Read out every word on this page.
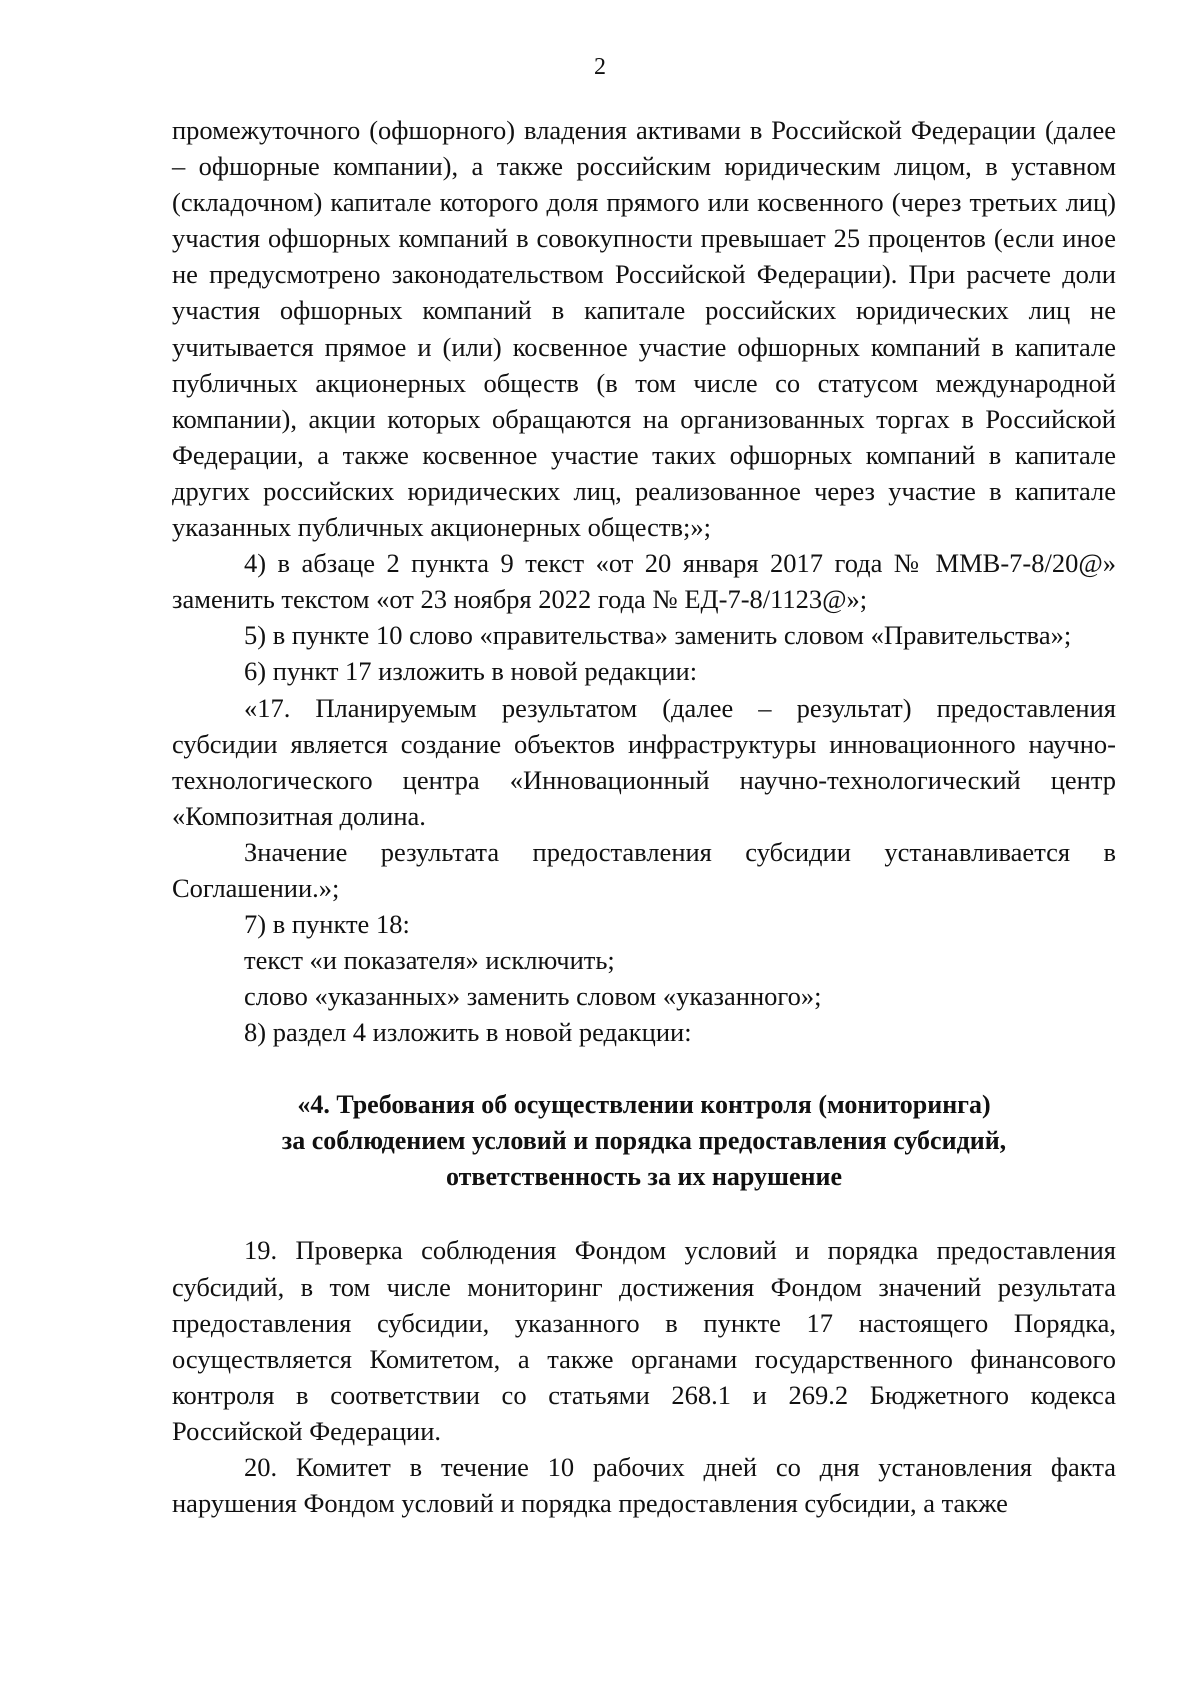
2

промежуточного (офшорного) владения активами в Российской Федерации (далее – офшорные компании), а также российским юридическим лицом, в уставном (складочном) капитале которого доля прямого или косвенного (через третьих лиц) участия офшорных компаний в совокупности превышает 25 процентов (если иное не предусмотрено законодательством Российской Федерации). При расчете доли участия офшорных компаний в капитале российских юридических лиц не учитывается прямое и (или) косвенное участие офшорных компаний в капитале публичных акционерных обществ (в том числе со статусом международной компании), акции которых обращаются на организованных торгах в Российской Федерации, а также косвенное участие таких офшорных компаний в капитале других российских юридических лиц, реализованное через участие в капитале указанных публичных акционерных обществ;»;

4) в абзаце 2 пункта 9 текст «от 20 января 2017 года № ММВ-7-8/20@» заменить текстом «от 23 ноября 2022 года № ЕД-7-8/1123@»;

5) в пункте 10 слово «правительства» заменить словом «Правительства»;

6) пункт 17 изложить в новой редакции:

«17. Планируемым результатом (далее – результат) предоставления субсидии является создание объектов инфраструктуры инновационного научно-технологического центра «Инновационный научно-технологический центр «Композитная долина.

Значение результата предоставления субсидии устанавливается в Соглашении.»;

7) в пункте 18:

текст «и показателя» исключить;

слово «указанных» заменить словом «указанного»;

8) раздел 4 изложить в новой редакции:

«4. Требования об осуществлении контроля (мониторинга)
за соблюдением условий и порядка предоставления субсидий,
ответственность за их нарушение

19. Проверка соблюдения Фондом условий и порядка предоставления субсидий, в том числе мониторинг достижения Фондом значений результата предоставления субсидии, указанного в пункте 17 настоящего Порядка, осуществляется Комитетом, а также органами государственного финансового контроля в соответствии со статьями 268.1 и 269.2 Бюджетного кодекса Российской Федерации.

20. Комитет в течение 10 рабочих дней со дня установления факта нарушения Фондом условий и порядка предоставления субсидии, а также
